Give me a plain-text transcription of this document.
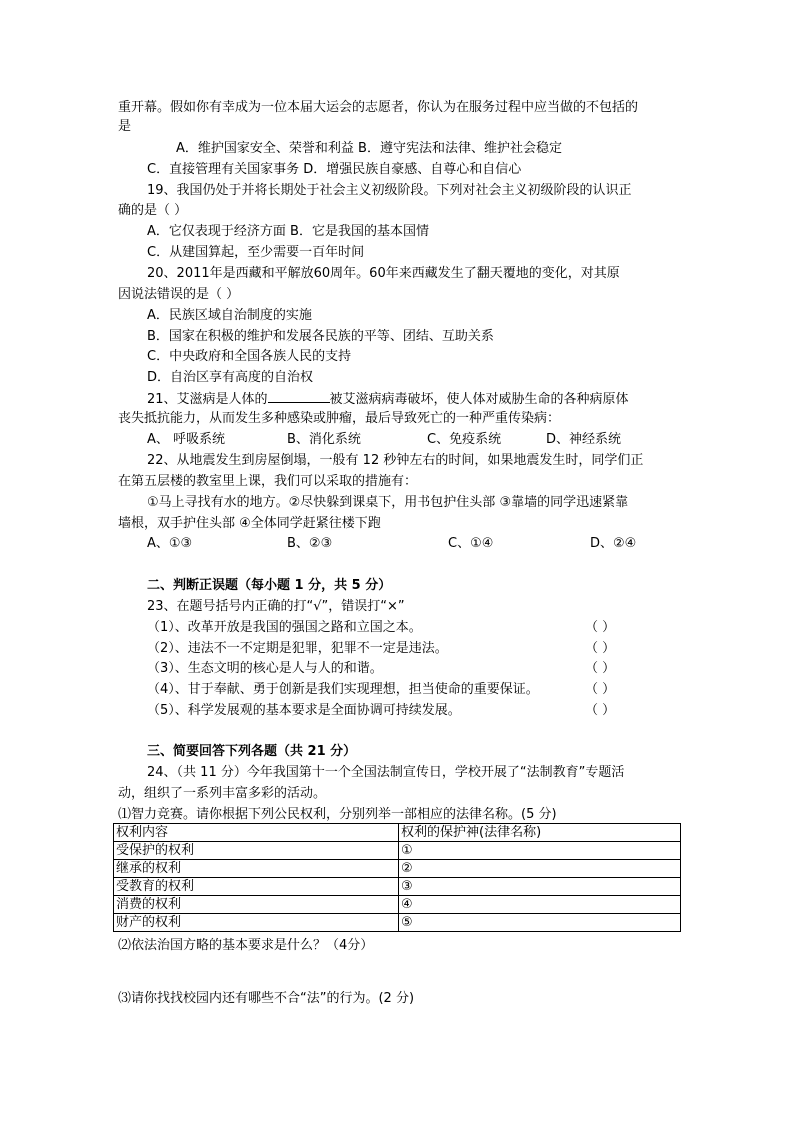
重开幕。假如你有幸成为一位本届大运会的志愿者，你认为在服务过程中应当做的不包括的
是
A．维护国家安全、荣誉和利益 B．遵守宪法和法律、维护社会稳定
C．直接管理有关国家事务 D．增强民族自豪感、自尊心和自信心
19、我国仍处于并将长期处于社会主义初级阶段。下列对社会主义初级阶段的认识正
确的是（ ）
A．它仅表现于经济方面 B．它是我国的基本国情
C．从建国算起，至少需要一百年时间
20、2011年是西藏和平解放60周年。60年来西藏发生了翻天覆地的变化，对其原
因说法错误的是（ ）
A．民族区域自治制度的实施
B．国家在积极的维护和发展各民族的平等、团结、互助关系
C．中央政府和全国各族人民的支持
D．自治区享有高度的自治权
21、艾滋病是人体的	被艾滋病病毒破坏，使人体对威胁生命的各种病原体
丧失抵抗能力，从而发生多种感染或肿瘤，最后导致死亡的一种严重传染病：
A、 呼吸系统	B、消化系统	C、免疫系统	D、神经系统
22、从地震发生到房屋倒塌，一般有 12 秒钟左右的时间，如果地震发生时，同学们正
在第五层楼的教室里上课，我们可以采取的措施有：
①马上寻找有水的地方。②尽快躲到课桌下，用书包护住头部 ③靠墙的同学迅速紧靠
墙根，双手护住头部 ④全体同学赶紧往楼下跑
A、①③	B、②③	C、①④	D、②④
二、判断正误题（每小题 1 分，共 5 分）
23、在题号括号内正确的打“√”，错误打“×”
（1）、改革开放是我国的强国之路和立国之本。	（ ）
（2）、违法不一不定期是犯罪，犯罪不一定是违法。	（ ）
（3）、生态文明的核心是人与人的和谐。	（ ）
（4）、甘于奉献、勇于创新是我们实现理想，担当使命的重要保证。	（ ）
（5）、科学发展观的基本要求是全面协调可持续发展。	（ ）
三、简要回答下列各题（共 21 分）
24、（共 11 分）今年我国第十一个全国法制宣传日，学校开展了“法制教育”专题活
动，组织了一系列丰富多彩的活动。
⑴智力竞赛。请你根据下列公民权利，分别列举一部相应的法律名称。(5 分)
权利内容	权利的保护神(法律名称)
受保护的权利	①
继承的权利	②
受教育的权利	③
消费的权利	④
财产的权利	⑤
⑵依法治国方略的基本要求是什么？（4分）
⑶请你找找校园内还有哪些不合“法”的行为。(2 分)
